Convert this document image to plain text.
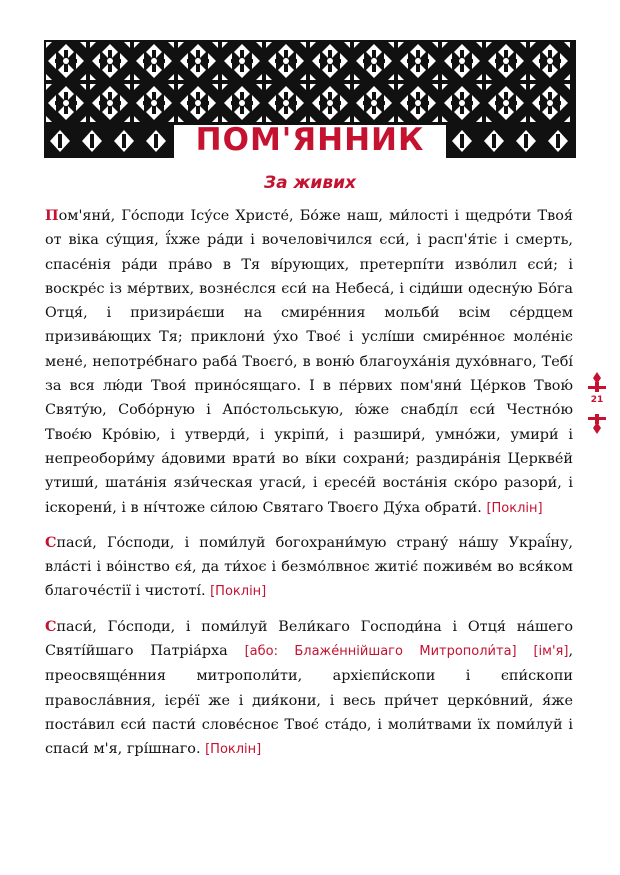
ПОМ'ЯННИК
За живих

Пом'яни́, Го́споди Ісу́се Христе́, Бо́же наш, ми́лості і щедро́ти Твоя́ от віка су́щия, ї́хже ра́ди і вочеловічился єси́, і расп'я́тіє і смерть, спасе́нія ра́ди пра́во в Тя ві́рующих, претерпі́ти изво́лил єси́; і воскре́с із ме́ртвих, возне́слся єси́ на Небеса́, і сіди́ши одесну́ю Бо́га Отця́, і призира́єши на смире́нния мольби́ всім се́рдцем призива́ющих Тя; приклони́ у́хо Твоє́ і услі́ши смире́нноє моле́ніє мене́, непотре́бнаго раба́ Твоєго́, в воню́ благоуха́нія духо́внаго, Тебі́ за вся лю́ди Твоя́ прино́сящаго. І в пе́рвих пом'яни́ Це́рков Твою́ Святу́ю, Собо́рную і Апо́стольськую, ю́же снабді́л єси́ Честно́ю Твоє́ю Кро́вію, і утверди́, і укріпи́, і разшири́, умно́жи, умири́ і непреобори́му а́довими врати́ во ві́ки сохрани́; раздира́нія Церкве́й утиши́, шата́нія язи́ческая угаси́, і єресе́й воста́нія ско́ро разори́, і іскорени́, і в ні́чтоже си́лою Святаго Твоєго Ду́ха обрати́. [Поклін]

Спаси́, Го́споди, і поми́луй богохрани́мую страну́ на́шу Украї́ну, вла́сті і во́інство єя́, да ти́хоє і безмо́лвноє житіє́ поживе́м во вся́ком благоче́стії і чистоті́. [Поклін]

Спаси́, Го́споди, і поми́луй Вели́каго Господи́на і Отця́ на́шего Святі́йшаго Патріа́рха [або: Блаже́ннійшаго Митрополи́та] [ім'я], преосвяще́нния митрополи́ти, архієпи́скопи і єпи́скопи правосла́вния, ієре́ї же і дия́кони, і весь при́чет церко́вний, я́же поста́вил єси́ пасти́ слове́сноє Твоє́ ста́до, і моли́твами їх поми́луй і спаси́ м'я, грі́шнаго. [Поклін]

21
